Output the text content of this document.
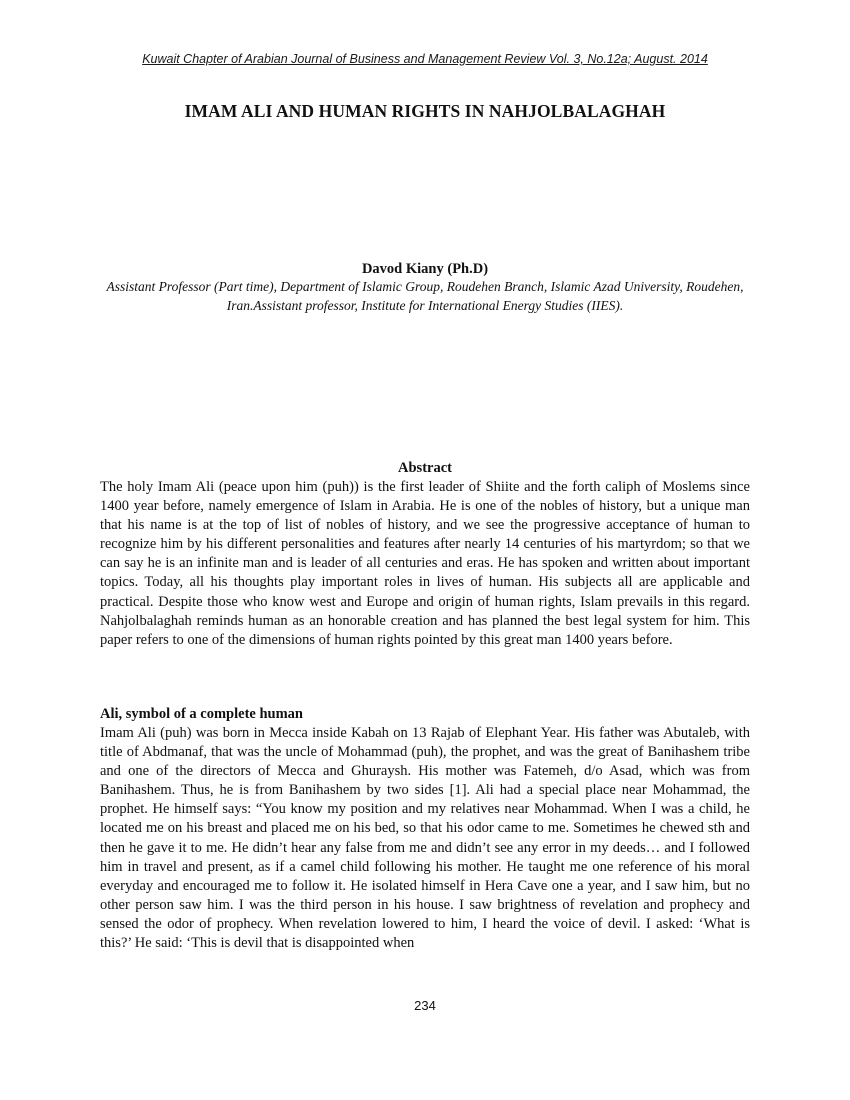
Kuwait Chapter of Arabian Journal of Business and Management Review Vol. 3, No.12a; August. 2014
IMAM ALI AND HUMAN RIGHTS IN NAHJOLBALAGHAH
Davod Kiany (Ph.D)
Assistant Professor (Part time), Department of Islamic Group, Roudehen Branch, Islamic Azad University, Roudehen, Iran.Assistant professor, Institute for International Energy Studies (IIES).
Abstract

The holy Imam Ali (peace upon him (puh)) is the first leader of Shiite and the forth caliph of Moslems since 1400 year before, namely emergence of Islam in Arabia. He is one of the nobles of history, but a unique man that his name is at the top of list of nobles of history, and we see the progressive acceptance of human to recognize him by his different personalities and features after nearly 14 centuries of his martyrdom; so that we can say he is an infinite man and is leader of all centuries and eras. He has spoken and written about important topics. Today, all his thoughts play important roles in lives of human. His subjects all are applicable and practical. Despite those who know west and Europe and origin of human rights, Islam prevails in this regard. Nahjolbalaghah reminds human as an honorable creation and has planned the best legal system for him. This paper refers to one of the dimensions of human rights pointed by this great man 1400 years before.

Ali, symbol of a complete human

Imam Ali (puh) was born in Mecca inside Kabah on 13 Rajab of Elephant Year. His father was Abutaleb, with title of Abdmanaf, that was the uncle of Mohammad (puh), the prophet, and was the great of Banihashem tribe and one of the directors of Mecca and Ghuraysh. His mother was Fatemeh, d/o Asad, which was from Banihashem. Thus, he is from Banihashem by two sides [1]. Ali had a special place near Mohammad, the prophet. He himself says: “You know my position and my relatives near Mohammad. When I was a child, he located me on his breast and placed me on his bed, so that his odor came to me. Sometimes he chewed sth and then he gave it to me. He didn’t hear any false from me and didn’t see any error in my deeds… and I followed him in travel and present, as if a camel child following his mother. He taught me one reference of his moral everyday and encouraged me to follow it. He isolated himself in Hera Cave one a year, and I saw him, but no other person saw him. I was the third person in his house. I saw brightness of revelation and prophecy and sensed the odor of prophecy. When revelation lowered to him, I heard the voice of devil. I asked: ‘What is this?’ He said: ‘This is devil that is disappointed when

234
